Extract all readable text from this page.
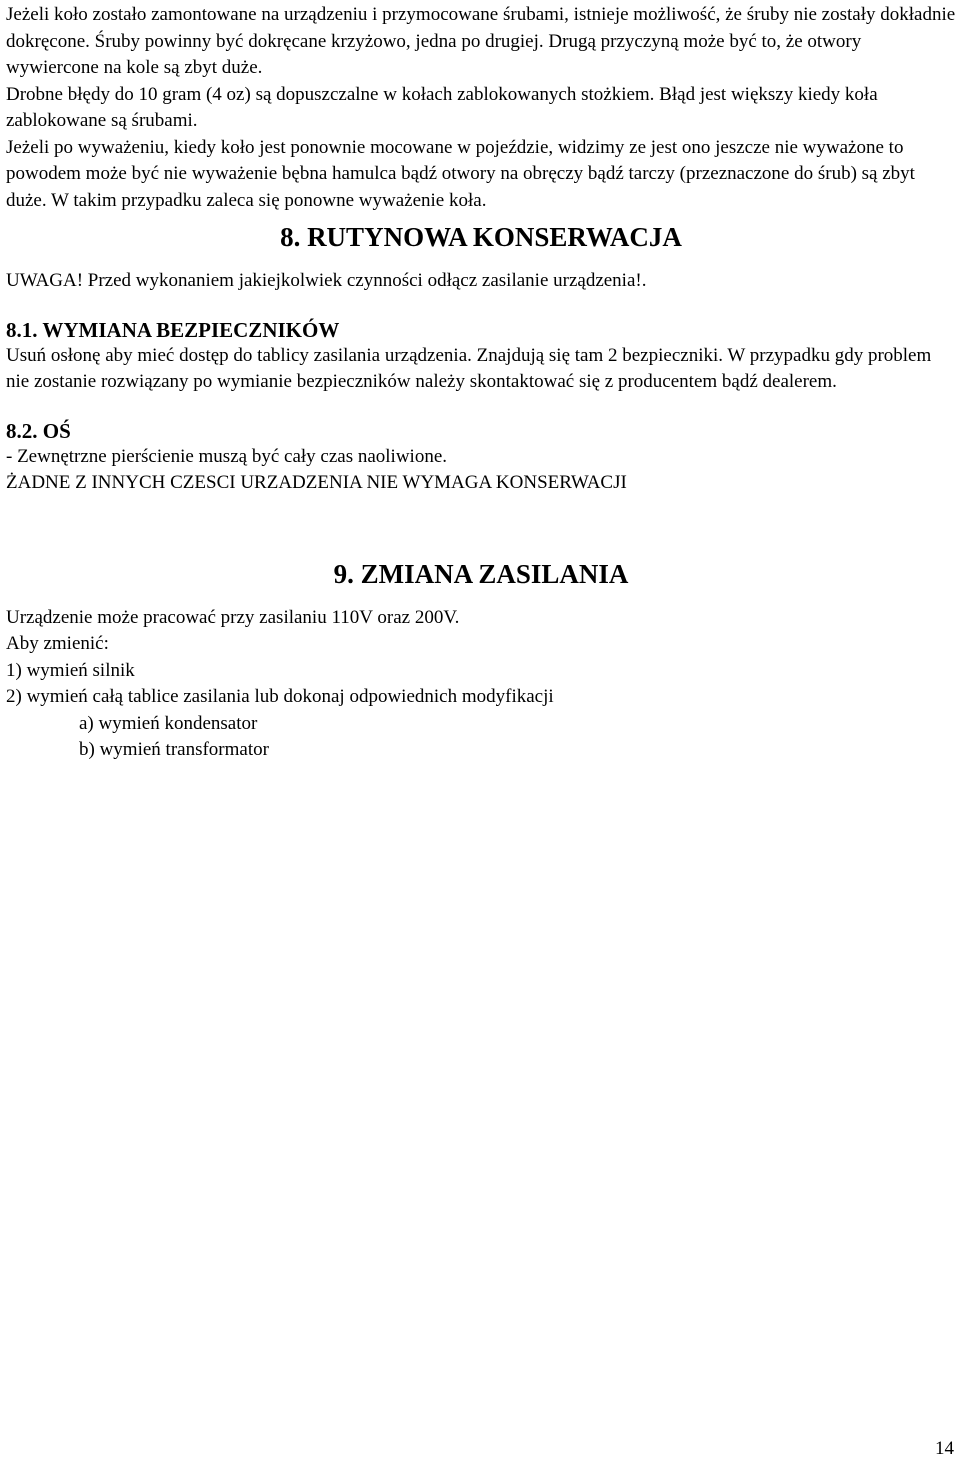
Jeżeli koło zostało zamontowane na urządzeniu i przymocowane śrubami, istnieje możliwość, że śruby nie zostały dokładnie dokręcone. Śruby powinny być dokręcane krzyżowo, jedna po drugiej. Drugą przyczyną może być to, że otwory wywiercone na kole są zbyt duże.

Drobne błędy do 10 gram (4 oz) są dopuszczalne w kołach zablokowanych stożkiem. Błąd jest większy kiedy koła zablokowane są śrubami.

Jeżeli po wyważeniu, kiedy koło jest ponownie mocowane w pojeździe, widzimy ze jest ono jeszcze nie wyważone to powodem może być nie wyważenie bębna hamulca bądź otwory na obręczy bądź tarczy (przeznaczone do śrub) są zbyt duże. W takim przypadku zaleca się ponowne wyważenie koła.

8. RUTYNOWA KONSERWACJA

UWAGA! Przed wykonaniem jakiejkolwiek czynności odłącz zasilanie urządzenia!.

8.1. WYMIANA BEZPIECZNIKÓW

Usuń osłonę aby mieć dostęp do tablicy zasilania urządzenia. Znajdują się tam 2 bezpieczniki. W przypadku gdy problem nie zostanie rozwiązany po wymianie bezpieczników należy skontaktować się z producentem bądź dealerem.

8.2. OŚ

- Zewnętrzne pierścienie muszą być cały czas naoliwione.

ŻADNE Z INNYCH CZESCI URZADZENIA NIE WYMAGA KONSERWACJI

9. ZMIANA ZASILANIA

Urządzenie może pracować przy zasilaniu 110V oraz 200V.

Aby zmienić:

1) wymień silnik

2) wymień całą tablice zasilania lub dokonaj odpowiednich modyfikacji

a) wymień kondensator

b) wymień transformator

14
